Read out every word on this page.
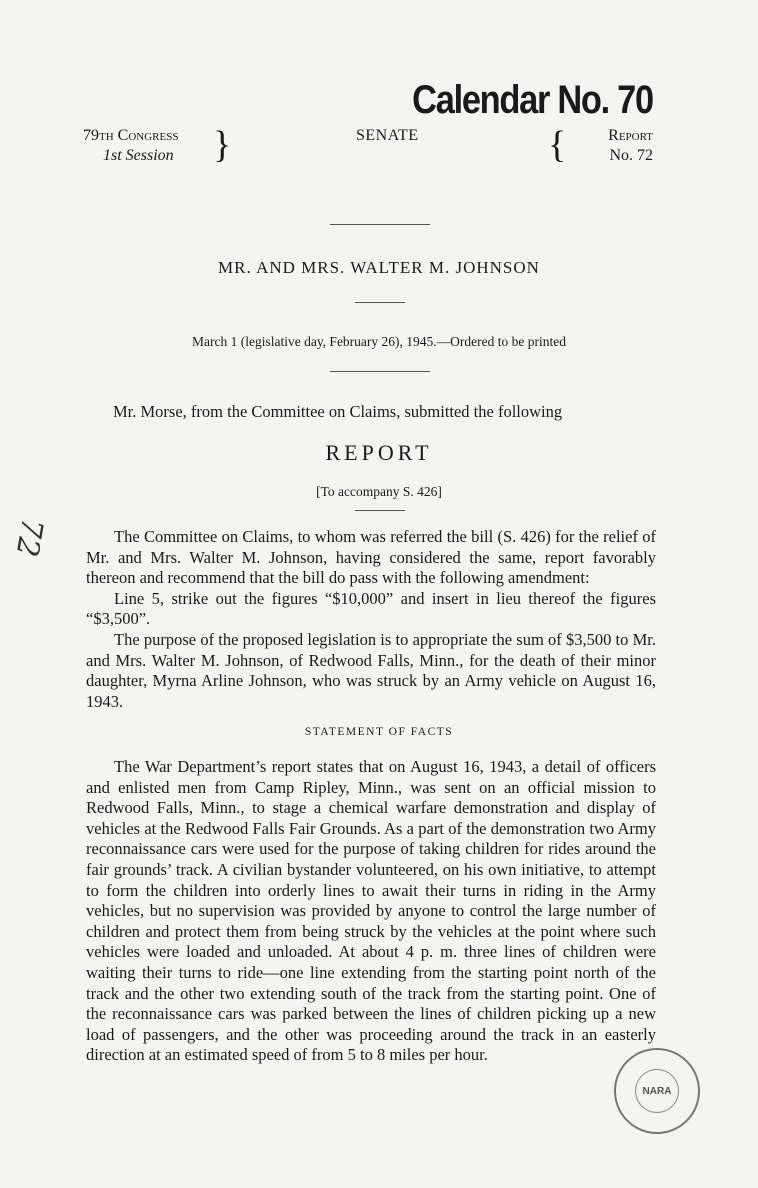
Calendar No. 70
79th Congress
1st Session }	SENATE	{	Report
No. 72
MR. AND MRS. WALTER M. JOHNSON
March 1 (legislative day, February 26), 1945.—Ordered to be printed
Mr. Morse, from the Committee on Claims, submitted the following
REPORT
[To accompany S. 426]

The Committee on Claims, to whom was referred the bill (S. 426) for the relief of Mr. and Mrs. Walter M. Johnson, having considered the same, report favorably thereon and recommend that the bill do pass with the following amendment:

Line 5, strike out the figures “$10,000” and insert in lieu thereof the figures “$3,500”.

The purpose of the proposed legislation is to appropriate the sum of $3,500 to Mr. and Mrs. Walter M. Johnson, of Redwood Falls, Minn., for the death of their minor daughter, Myrna Arline Johnson, who was struck by an Army vehicle on August 16, 1943.

STATEMENT OF FACTS

The War Department’s report states that on August 16, 1943, a detail of officers and enlisted men from Camp Ripley, Minn., was sent on an official mission to Redwood Falls, Minn., to stage a chemical warfare demonstration and display of vehicles at the Redwood Falls Fair Grounds. As a part of the demonstration two Army reconnaissance cars were used for the purpose of taking children for rides around the fair grounds’ track. A civilian bystander volunteered, on his own initiative, to attempt to form the children into orderly lines to await their turns in riding in the Army vehicles, but no supervision was provided by anyone to control the large number of children and protect them from being struck by the vehicles at the point where such vehicles were loaded and unloaded. At about 4 p. m. three lines of children were waiting their turns to ride—one line extending from the starting point north of the track and the other two extending south of the track from the starting point. One of the reconnaissance cars was parked between the lines of children picking up a new load of passengers, and the other was proceeding around the track in an easterly direction at an estimated speed of from 5 to 8 miles per hour.

72
NARA
